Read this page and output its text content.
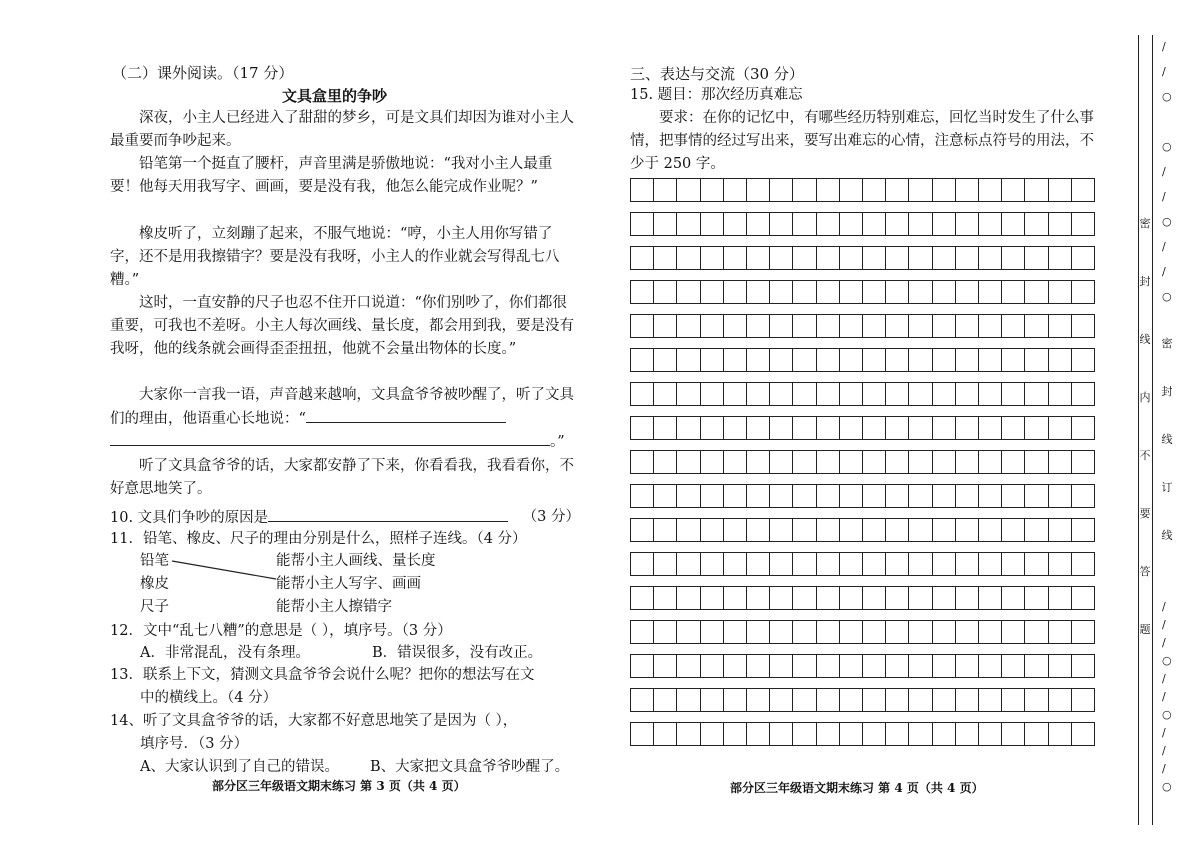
（二）课外阅读。（17 分）
文具盒里的争吵
深夜，小主人已经进入了甜甜的梦乡，可是文具们却因为谁对小主人最重要而争吵起来。
铅笔第一个挺直了腰杆，声音里满是骄傲地说：“我对小主人最重要！他每天用我写字、画画，要是没有我，他怎么能完成作业呢？”
橡皮听了，立刻蹦了起来，不服气地说：“哼，小主人用你写错了字，还不是用我擦错字？要是没有我呀，小主人的作业就会写得乱七八糟。”
这时，一直安静的尺子也忍不住开口说道：“你们别吵了，你们都很重要，可我也不差呀。小主人每次画线、量长度，都会用到我，要是没有我呀，他的线条就会画得歪歪扭扭，他就不会量出物体的长度。”
大家你一言我一语，声音越来越响，文具盒爷爷被吵醒了，听了文具们的理由，他语重心长地说：“
。”
听了文具盒爷爷的话，大家都安静了下来，你看看我，我看看你，不好意思地笑了。
10. 文具们争吵的原因是	（3 分）
11．铅笔、橡皮、尺子的理由分别是什么，照样子连线。（4 分）
铅笔
橡皮
尺子
能帮小主人画线、量长度
能帮小主人写字、画画
能帮小主人擦错字
12．文中“乱七八糟”的意思是（ ），填序号。（3 分）
A．非常混乱，没有条理。	B．错误很多，没有改正。
13．联系上下文，猜测文具盒爷爷会说什么呢？把你的想法写在文
中的横线上。（4 分）
14、听了文具盒爷爷的话，大家都不好意思地笑了是因为（ ），
填序号．（3 分）
A、大家认识到了自己的错误。 B、大家把文具盒爷爷吵醒了。
部分区三年级语文期末练习 第 3 页（共 4 页）
三、表达与交流（30 分）
15. 题目：那次经历真难忘
要求：在你的记忆中，有哪些经历特别难忘，回忆当时发生了什么事情，把事情的经过写出来，要写出难忘的心情，注意标点符号的用法，不少于 250 字。
部分区三年级语文期末练习 第 4 页（共 4 页）
密
封
线
内
不
要
答
题
密
封
线
订
线
/
/
○
○
/
/
○
/
/
○
/
/
/
○
/
/
○
/
/
/
○
